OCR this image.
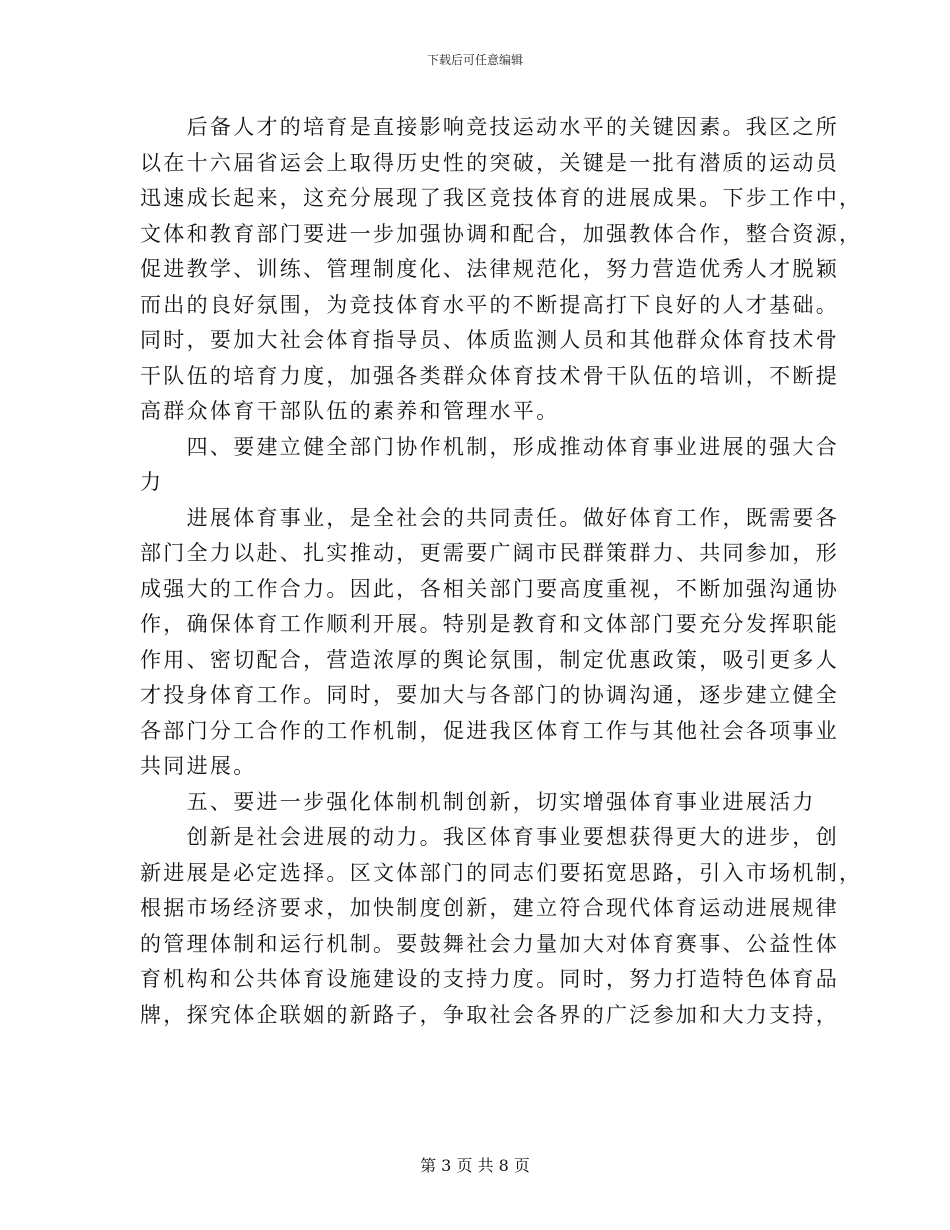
下载后可任意编辑
　　后备人才的培育是直接影响竞技运动水平的关键因素。我区之所
以在十六届省运会上取得历史性的突破，关键是一批有潜质的运动员
迅速成长起来，这充分展现了我区竞技体育的进展成果。下步工作中，
文体和教育部门要进一步加强协调和配合，加强教体合作，整合资源，
促进教学、训练、管理制度化、法律规范化，努力营造优秀人才脱颖
而出的良好氛围，为竞技体育水平的不断提高打下良好的人才基础。
同时，要加大社会体育指导员、体质监测人员和其他群众体育技术骨
干队伍的培育力度，加强各类群众体育技术骨干队伍的培训，不断提
高群众体育干部队伍的素养和管理水平。
　　四、要建立健全部门协作机制，形成推动体育事业进展的强大合
力
　　进展体育事业，是全社会的共同责任。做好体育工作，既需要各
部门全力以赴、扎实推动，更需要广阔市民群策群力、共同参加，形
成强大的工作合力。因此，各相关部门要高度重视，不断加强沟通协
作，确保体育工作顺利开展。特别是教育和文体部门要充分发挥职能
作用、密切配合，营造浓厚的舆论氛围，制定优惠政策，吸引更多人
才投身体育工作。同时，要加大与各部门的协调沟通，逐步建立健全
各部门分工合作的工作机制，促进我区体育工作与其他社会各项事业
共同进展。
　　五、要进一步强化体制机制创新，切实增强体育事业进展活力
　　创新是社会进展的动力。我区体育事业要想获得更大的进步，创
新进展是必定选择。区文体部门的同志们要拓宽思路，引入市场机制，
根据市场经济要求，加快制度创新，建立符合现代体育运动进展规律
的管理体制和运行机制。要鼓舞社会力量加大对体育赛事、公益性体
育机构和公共体育设施建设的支持力度。同时，努力打造特色体育品
牌，探究体企联姻的新路子，争取社会各界的广泛参加和大力支持，
第 3 页 共 8 页
